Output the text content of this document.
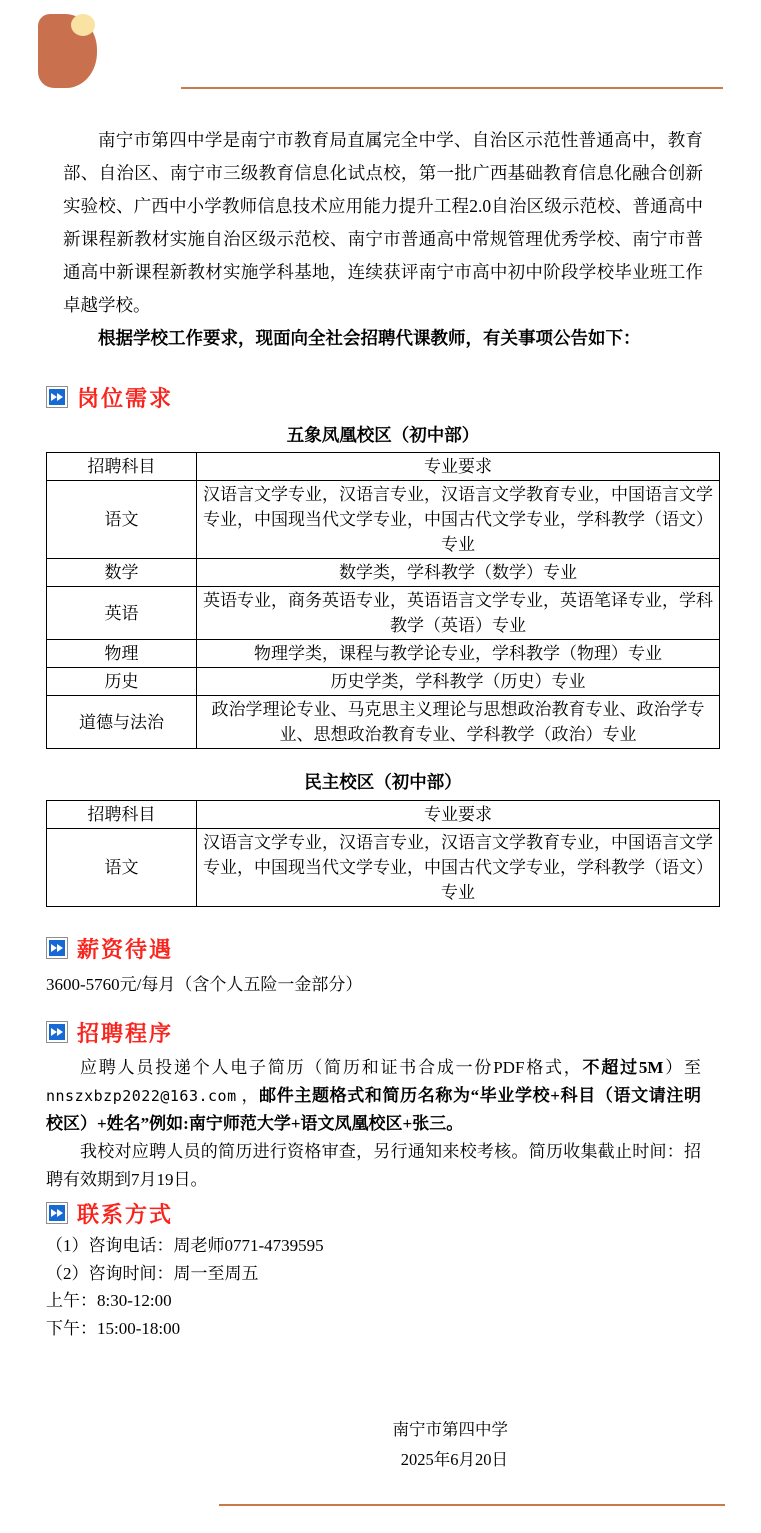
南宁市第四中学是南宁市教育局直属完全中学、自治区示范性普通高中，教育部、自治区、南宁市三级教育信息化试点校，第一批广西基础教育信息化融合创新实验校、广西中小学教师信息技术应用能力提升工程2.0自治区级示范校、普通高中新课程新教材实施自治区级示范校、南宁市普通高中常规管理优秀学校、南宁市普通高中新课程新教材实施学科基地，连续获评南宁市高中初中阶段学校毕业班工作卓越学校。

根据学校工作要求，现面向全社会招聘代课教师，有关事项公告如下：

岗位需求
五象凤凰校区（初中部）
招聘科目	专业要求
语文	汉语言文学专业，汉语言专业，汉语言文学教育专业，中国语言文学专业，中国现当代文学专业，中国古代文学专业，学科教学（语文）专业
数学	数学类，学科教学（数学）专业
英语	英语专业，商务英语专业，英语语言文学专业，英语笔译专业，学科教学（英语）专业
物理	物理学类，课程与教学论专业，学科教学（物理）专业
历史	历史学类，学科教学（历史）专业
道德与法治	政治学理论专业、马克思主义理论与思想政治教育专业、政治学专业、思想政治教育专业、学科教学（政治）专业
民主校区（初中部）
招聘科目	专业要求
语文	汉语言文学专业，汉语言专业，汉语言文学教育专业，中国语言文学专业，中国现当代文学专业，中国古代文学专业，学科教学（语文）专业
薪资待遇
3600-5760元/每月（含个人五险一金部分）
招聘程序

应聘人员投递个人电子简历（简历和证书合成一份PDF格式，不超过5M）至 nnszxbzp2022@163.com ，邮件主题格式和简历名称为“毕业学校+科目（语文请注明校区）+姓名”例如:南宁师范大学+语文凤凰校区+张三。

我校对应聘人员的简历进行资格审查，另行通知来校考核。简历收集截止时间：招聘有效期到7月19日。

联系方式
（1）咨询电话：周老师0771-4739595
（2）咨询时间：周一至周五
上午：8:30-12:00
下午：15:00-18:00
南宁市第四中学
2025年6月20日
